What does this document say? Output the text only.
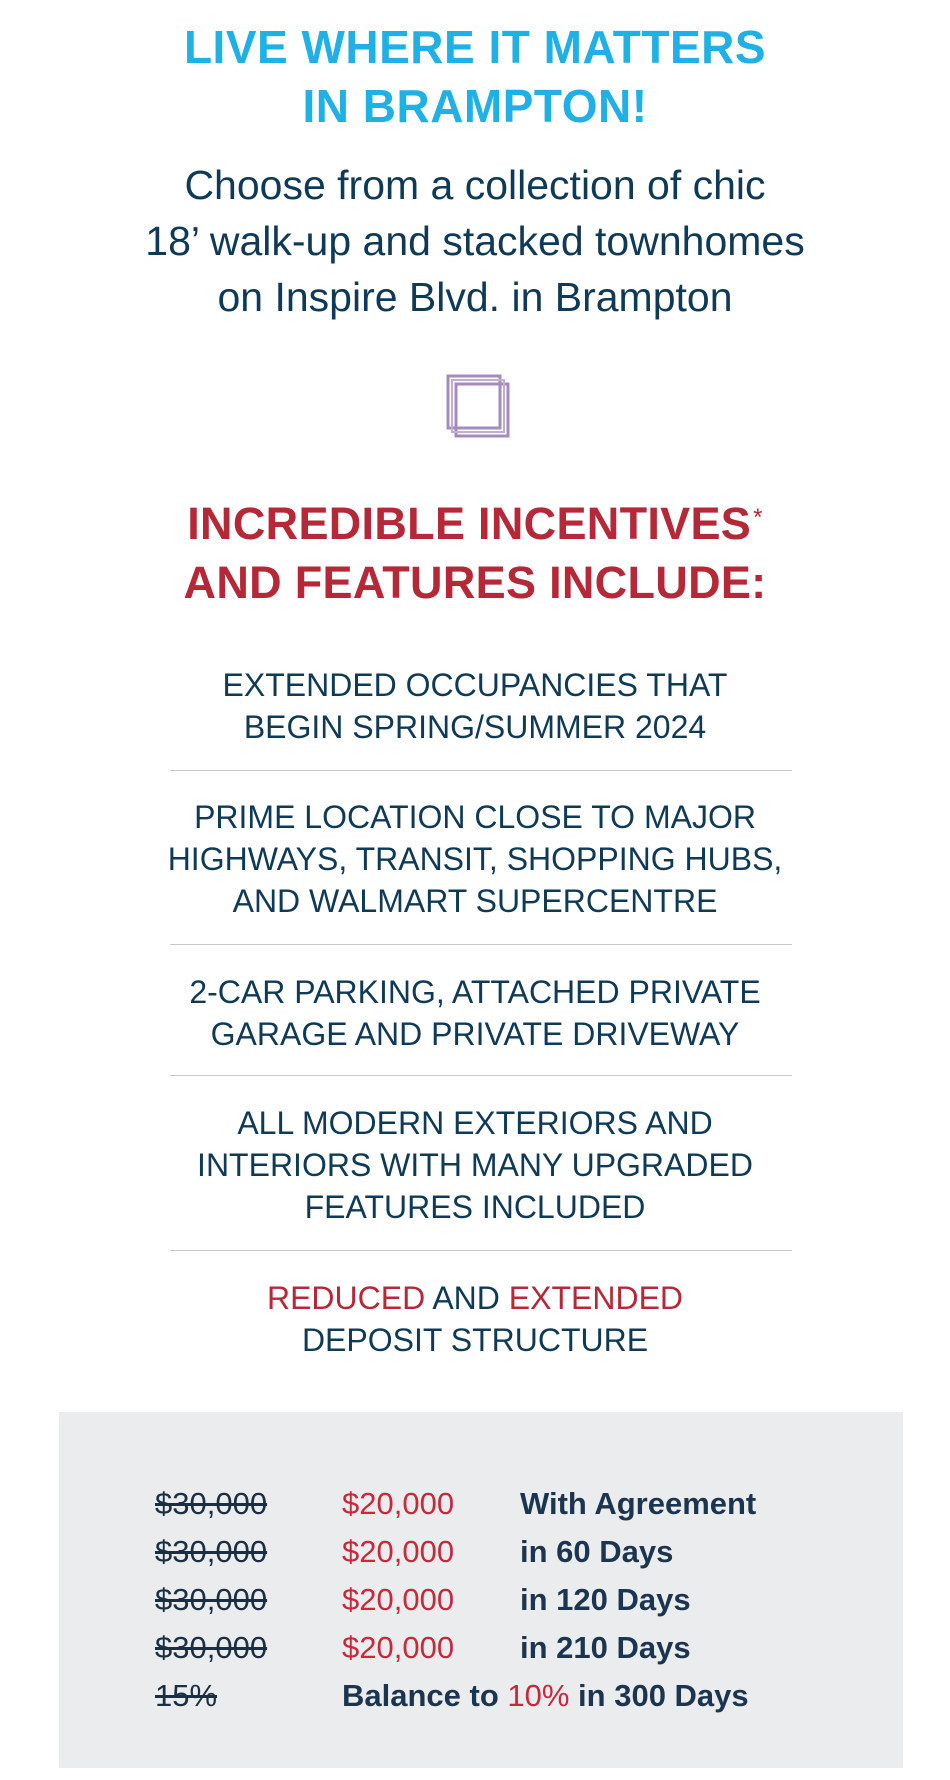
LIVE WHERE IT MATTERS
IN BRAMPTON!
Choose from a collection of chic
18’ walk-up and stacked townhomes
on Inspire Blvd. in Brampton
INCREDIBLE INCENTIVES*
AND FEATURES INCLUDE:
EXTENDED OCCUPANCIES THAT
BEGIN SPRING/SUMMER 2024
PRIME LOCATION CLOSE TO MAJOR
HIGHWAYS, TRANSIT, SHOPPING HUBS,
AND WALMART SUPERCENTRE
2-CAR PARKING, ATTACHED PRIVATE
GARAGE AND PRIVATE DRIVEWAY
ALL MODERN EXTERIORS AND
INTERIORS WITH MANY UPGRADED
FEATURES INCLUDED
REDUCED AND EXTENDED
DEPOSIT STRUCTURE
$30,000 $20,000 With Agreement
$30,000 $20,000 in 60 Days
$30,000 $20,000 in 120 Days
$30,000 $20,000 in 210 Days
15%	Balance to 10% in 300 Days
